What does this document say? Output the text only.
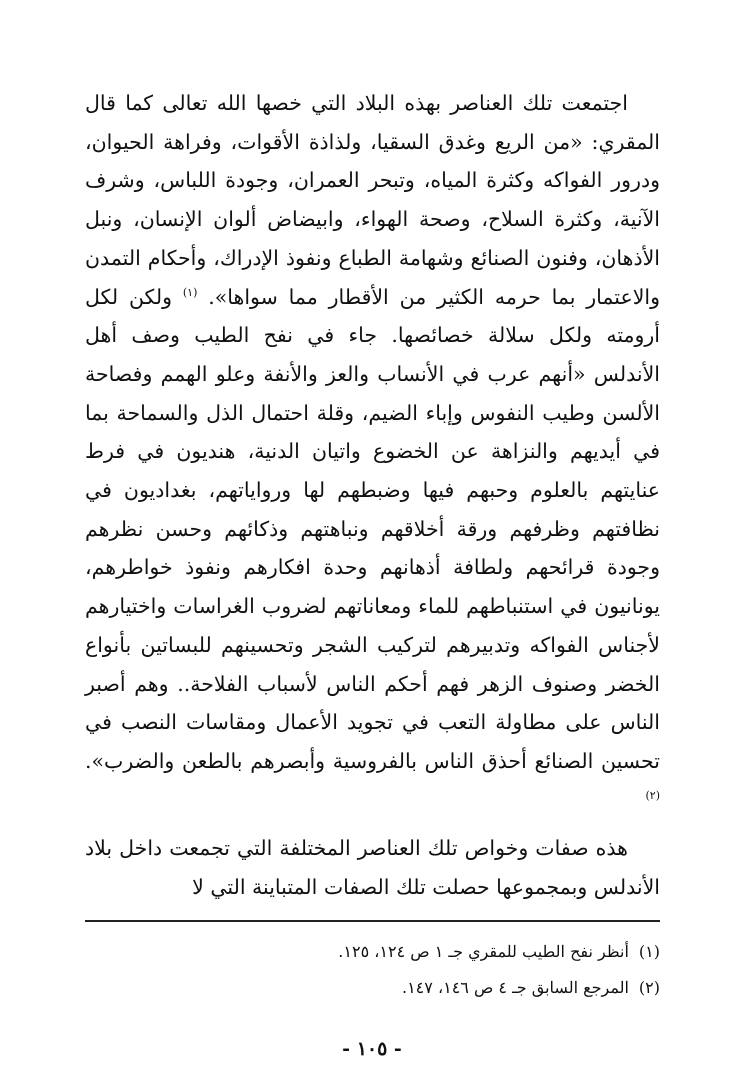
اجتمعت تلك العناصر بهذه البلاد التي خصها الله تعالى كما قال المقري: «من الريع وغدق السقيا، ولذاذة الأقوات، وفراهة الحيوان، ودرور الفواكه وكثرة المياه، وتبحر العمران، وجودة اللباس، وشرف الآنية، وكثرة السلاح، وصحة الهواء، وابيضاض ألوان الإنسان، ونبل الأذهان، وفنون الصنائع وشهامة الطباع ونفوذ الإدراك، وأحكام التمدن والاعتمار بما حرمه الكثير من الأقطار مما سواها». $^{(١)}$ ولكن لكل أرومته ولكل سلالة خصائصها. جاء في نفح الطيب وصف أهل الأندلس «أنهم عرب في الأنساب والعز والأنفة وعلو الهمم وفصاحة الألسن وطيب النفوس وإباء الضيم، وقلة احتمال الذل والسماحة بما في أيديهم والنزاهة عن الخضوع واتيان الدنية، هنديون في فرط عنايتهم بالعلوم وحبهم فيها وضبطهم لها ورواياتهم، بغداديون في نظافتهم وظرفهم ورقة أخلاقهم ونباهتهم وذكائهم وحسن نظرهم وجودة قرائحهم ولطافة أذهانهم وحدة افكارهم ونفوذ خواطرهم، يونانيون في استنباطهم للماء ومعاناتهم لضروب الغراسات واختيارهم لأجناس الفواكه وتدبيرهم لتركيب الشجر وتحسينهم للبساتين بأنواع الخضر وصنوف الزهر فهم أحكم الناس لأسباب الفلاحة.. وهم أصبر الناس على مطاولة التعب في تجويد الأعمال ومقاسات النصب في تحسين الصنائع أحذق الناس بالفروسية وأبصرهم بالطعن والضرب». $^{(٢)}$

هذه صفات وخواص تلك العناصر المختلفة التي تجمعت داخل بلاد الأندلس وبمجموعها حصلت تلك الصفات المتباينة التي لا

(١)أنظر نفح الطيب للمقري جـ ١ ص ١٢٤، ١٢٥.
(٢)المرجع السابق جـ ٤ ص ١٤٦، ١٤٧.
- ١٠٥ -
